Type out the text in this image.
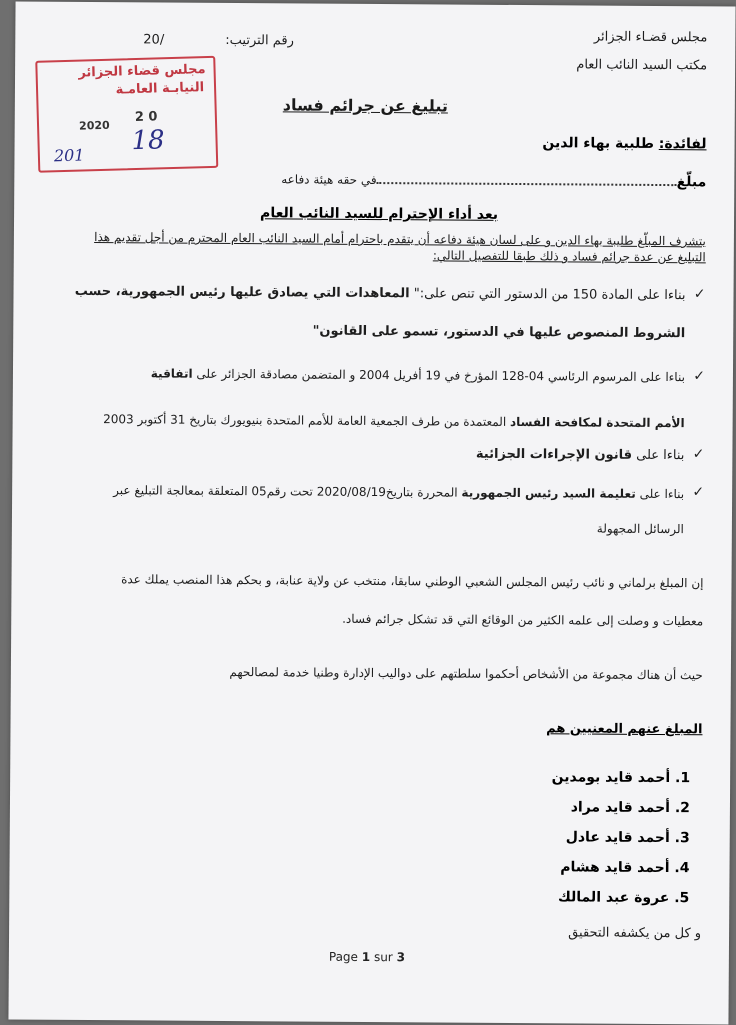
مجلس قضـاء الجزائر
مكتب السيد النائب العام
رقم الترتيب:
20/
مجلس قضاء الجزائر
النيابـة العامـة
2020
2 0
18
201
تبليغ عن جرائم فساد
لفائدة: طلبية بهاء الدين
مبلّغفي حقه هيئة دفاعه
بعد أداء الإحترام للسيد النائب العام
يتشرف المبلّغ طليبة بهاء الدين و على لسان هيئة دفاعه أن يتقدم باحترام أمام السيد النائب العام المحترم من أجل تقديم هذا
التبليغ عن عدة جرائم فساد و ذلك طبقا للتفصيل التالي:
✓
بناءا على المادة 150 من الدستور التي تنص على:" المعاهدات التي يصادق عليها رئيس الجمهورية، حسب
الشروط المنصوص عليها في الدستور، تسمو على القانون"
✓
بناءا على المرسوم الرئاسي 04-128 المؤرخ في 19 أفريل 2004 و المتضمن مصادقة الجزائر على اتفاقية
الأمم المتحدة لمكافحة الفساد المعتمدة من طرف الجمعية العامة للأمم المتحدة بنيويورك بتاريخ 31 أكتوبر 2003
✓
بناءا على قانون الإجراءات الجزائية
✓
بناءا على تعليمة السيد رئيس الجمهورية المحررة بتاريخ2020/08/19 تحت رقم05 المتعلقة بمعالجة التبليغ عبر
الرسائل المجهولة
إن المبلغ برلماني و نائب رئيس المجلس الشعبي الوطني سابقا، منتخب عن ولاية عنابة، و بحكم هذا المنصب يملك عدة
معطيات و وصلت إلى علمه الكثير من الوقائع التي قد تشكل جرائم فساد.
حيث أن هناك مجموعة من الأشخاص أحكموا سلطتهم على دواليب الإدارة وطنيا خدمة لمصالحهم
المبلغ عنهم المعنيين هم
1. أحمد قايد بومدين
2. أحمد قايد مراد
3. أحمد قايد عادل
4. أحمد قايد هشام
5. عروة عبد المالك
و كل من يكشفه التحقيق
Page 1 sur 3
